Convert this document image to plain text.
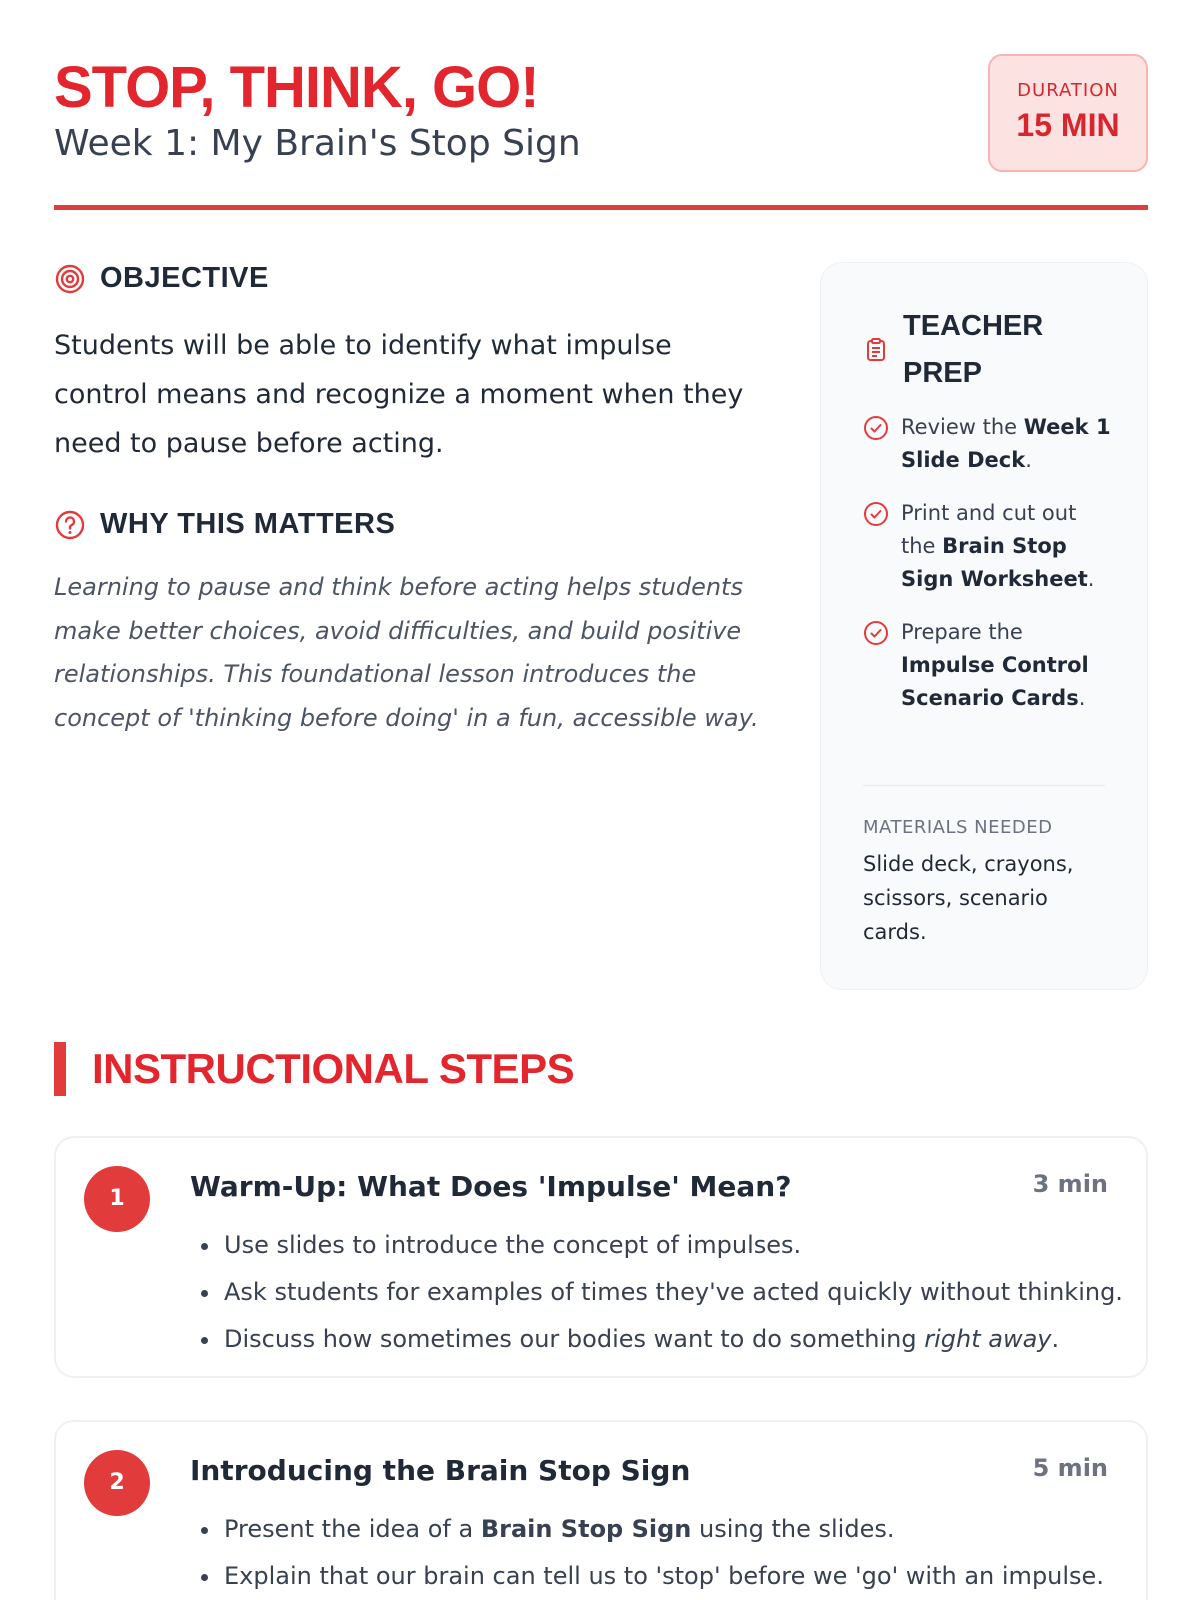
STOP, THINK, GO!
Week 1: My Brain's Stop Sign
DURATION
15 MIN
OBJECTIVE

Students will be able to identify what impulse control means and recognize a moment when they need to pause before acting.

WHY THIS MATTERS

Learning to pause and think before acting helps students make better choices, avoid difficulties, and build positive relationships. This foundational lesson introduces the concept of 'thinking before doing' in a fun, accessible way.

TEACHER PREP
Review the Week 1 Slide Deck.
Print and cut out the Brain Stop Sign Worksheet.
Prepare the Impulse Control Scenario Cards.
MATERIALS NEEDED
Slide deck, crayons, scissors, scenario cards.
INSTRUCTIONAL STEPS
1	Warm-Up: What Does 'Impulse' Mean?	3 min
• Use slides to introduce the concept of impulses.
• Ask students for examples of times they've acted quickly without thinking.
• Discuss how sometimes our bodies want to do something right away.
2	Introducing the Brain Stop Sign	5 min
• Present the idea of a Brain Stop Sign using the slides.
• Explain that our brain can tell us to 'stop' before we 'go' with an impulse.
